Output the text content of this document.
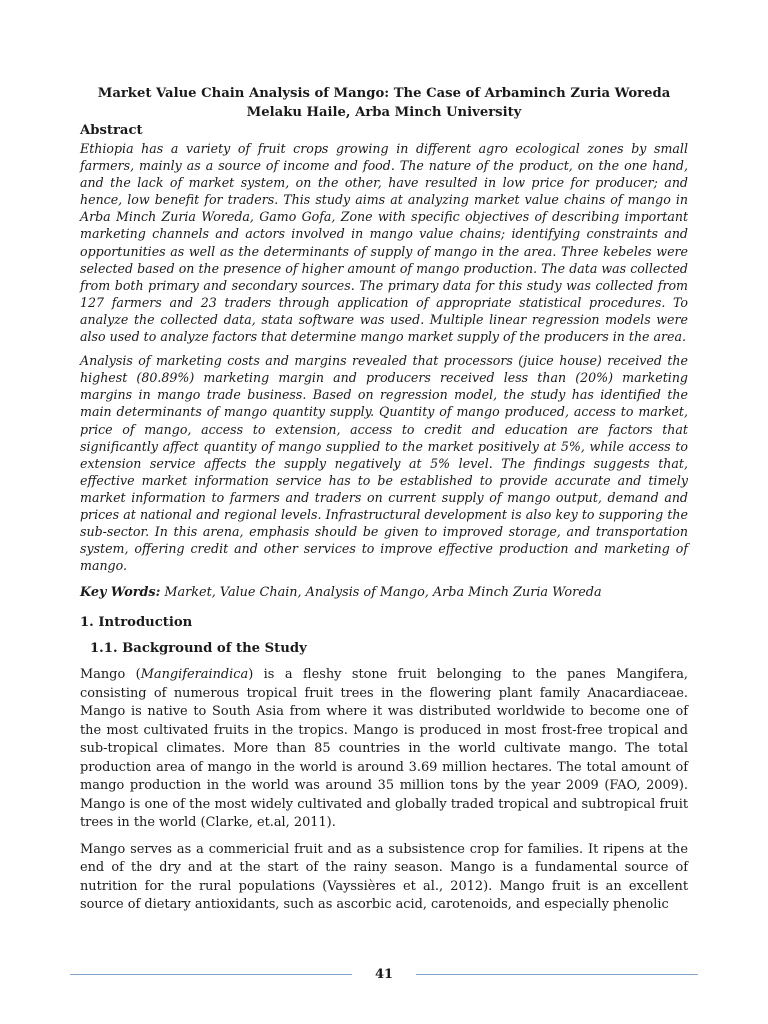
Market Value Chain Analysis of Mango: The Case of Arbaminch Zuria Woreda
Melaku Haile, Arba Minch University
Abstract

Ethiopia has a variety of fruit crops growing in different agro ecological zones by small farmers, mainly as a source of income and food. The nature of the product, on the one hand, and the lack of market system, on the other, have resulted in low price for producer; and hence, low benefit for traders. This study aims at analyzing market value chains of mango in Arba Minch Zuria Woreda, Gamo Gofa, Zone with specific objectives of describing important marketing channels and actors involved in mango value chains; identifying constraints and opportunities as well as the determinants of supply of mango in the area. Three kebeles were selected based on the presence of higher amount of mango production. The data was collected from both primary and secondary sources. The primary data for this study was collected from 127 farmers and 23 traders through application of appropriate statistical procedures. To analyze the collected data, stata software was used. Multiple linear regression models were also used to analyze factors that determine mango market supply of the producers in the area.

Analysis of marketing costs and margins revealed that processors (juice house) received the highest (80.89%) marketing margin and producers received less than (20%) marketing margins in mango trade business. Based on regression model, the study has identified the main determinants of mango quantity supply. Quantity of mango produced, access to market, price of mango, access to extension, access to credit and education are factors that significantly affect quantity of mango supplied to the market positively at 5%, while access to extension service affects the supply negatively at 5% level. The findings suggests that, effective market information service has to be established to provide accurate and timely market information to farmers and traders on current supply of mango output, demand and prices at national and regional levels. Infrastructural development is also key to supporing the sub-sector. In this arena, emphasis should be given to improved storage, and transportation system, offering credit and other services to improve effective production and marketing of mango.

Key Words: Market, Value Chain, Analysis of Mango, Arba Minch Zuria Woreda

1. Introduction
1.1. Background of the Study

Mango (Mangiferaindica) is a fleshy stone fruit belonging to the panes Mangifera, consisting of numerous tropical fruit trees in the flowering plant family Anacardiaceae. Mango is native to South Asia from where it was distributed worldwide to become one of the most cultivated fruits in the tropics. Mango is produced in most frost-free tropical and sub-tropical climates. More than 85 countries in the world cultivate mango. The total production area of mango in the world is around 3.69 million hectares. The total amount of mango production in the world was around 35 million tons by the year 2009 (FAO, 2009). Mango is one of the most widely cultivated and globally traded tropical and subtropical fruit trees in the world (Clarke, et.al, 2011).

Mango serves as a commericial fruit and as a subsistence crop for families. It ripens at the end of the dry and at the start of the rainy season. Mango is a fundamental source of nutrition for the rural populations (Vayssières et al., 2012). Mango fruit is an excellent source of dietary antioxidants, such as ascorbic acid, carotenoids, and especially phenolic

41
